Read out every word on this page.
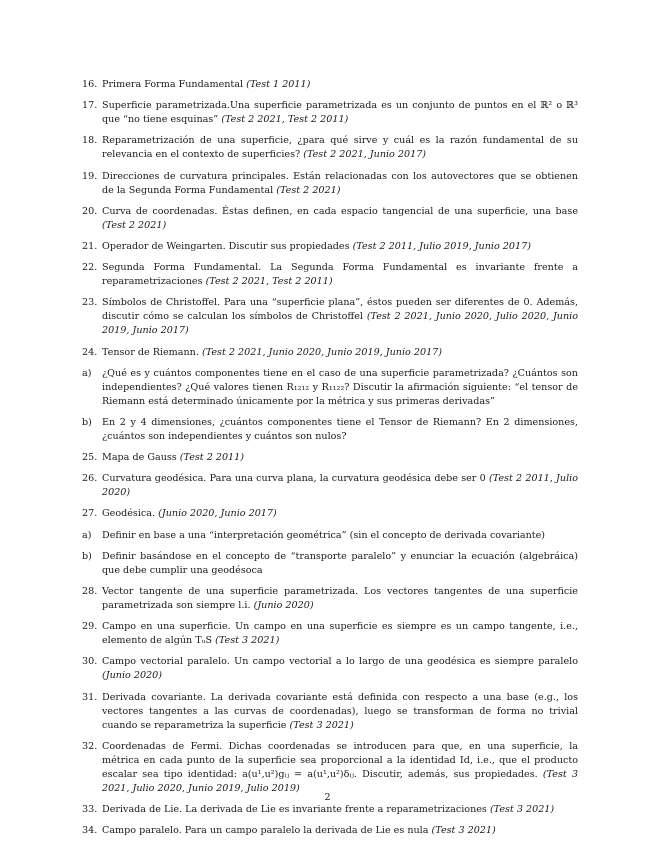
16. Primera Forma Fundamental (Test 1 2011)
17. Superficie parametrizada.Una superficie parametrizada es un conjunto de puntos en el ℝ² o ℝ³ que “no tiene esquinas” (Test 2 2021, Test 2 2011)
18. Reparametrización de una superficie, ¿para qué sirve y cuál es la razón fundamental de su relevancia en el contexto de superficies? (Test 2 2021, Junio 2017)
19. Direcciones de curvatura principales. Están relacionadas con los autovectores que se obtienen de la Segunda Forma Fundamental (Test 2 2021)
20. Curva de coordenadas. Éstas definen, en cada espacio tangencial de una superficie, una base (Test 2 2021)
21. Operador de Weingarten. Discutir sus propiedades (Test 2 2011, Julio 2019, Junio 2017)
22. Segunda Forma Fundamental. La Segunda Forma Fundamental es invariante frente a reparametrizaciones (Test 2 2021, Test 2 2011)
23. Símbolos de Christoffel. Para una “superficie plana”, éstos pueden ser diferentes de 0. Además, discutir cómo se calculan los símbolos de Christoffel (Test 2 2021, Junio 2020, Julio 2020, Junio 2019, Junio 2017)
24. Tensor de Riemann. (Test 2 2021, Junio 2020, Junio 2019, Junio 2017)
a)	¿Qué es y cuántos componentes tiene en el caso de una superficie parametrizada? ¿Cuántos son independientes? ¿Qué valores tienen R₁₂₁₂ y R₁₁₂₂? Discutir la afirmación siguiente: “el tensor de Riemann está determinado únicamente por la métrica y sus primeras derivadas”
b)	En 2 y 4 dimensiones, ¿cuántos componentes tiene el Tensor de Riemann? En 2 dimensiones, ¿cuántos son independientes y cuántos son nulos?
25. Mapa de Gauss (Test 2 2011)
26. Curvatura geodésica. Para una curva plana, la curvatura geodésica debe ser 0 (Test 2 2011, Julio 2020)
27. Geodésica. (Junio 2020, Junio 2017)
a)	Definir en base a una “interpretación geométrica” (sin el concepto de derivada covariante)
b)	Definir basándose en el concepto de “transporte paralelo” y enunciar la ecuación (algebráica) que debe cumplir una geodésoca
28. Vector tangente de una superficie parametrizada. Los vectores tangentes de una superficie parametrizada son siempre l.i. (Junio 2020)
29. Campo en una superficie. Un campo en una superficie es siempre es un campo tangente, i.e., elemento de algún TᵤS (Test 3 2021)
30. Campo vectorial paralelo. Un campo vectorial a lo largo de una geodésica es siempre paralelo (Junio 2020)
31. Derivada covariante. La derivada covariante está definida con respecto a una base (e.g., los vectores tangentes a las curvas de coordenadas), luego se transforman de forma no trivial cuando se reparametriza la superficie (Test 3 2021)
32. Coordenadas de Fermi. Dichas coordenadas se introducen para que, en una superficie, la métrica en cada punto de la superficie sea proporcional a la identidad Id, i.e., que el producto escalar sea tipo identidad: a(u¹,u²)gᵢⱼ = a(u¹,u²)δᵢⱼ. Discutir, además, sus propiedades. (Test 3 2021, Julio 2020, Junio 2019, Julio 2019)
33. Derivada de Lie. La derivada de Lie es invariante frente a reparametrizaciones (Test 3 2021)
34. Campo paralelo. Para un campo paralelo la derivada de Lie es nula (Test 3 2021)
2
